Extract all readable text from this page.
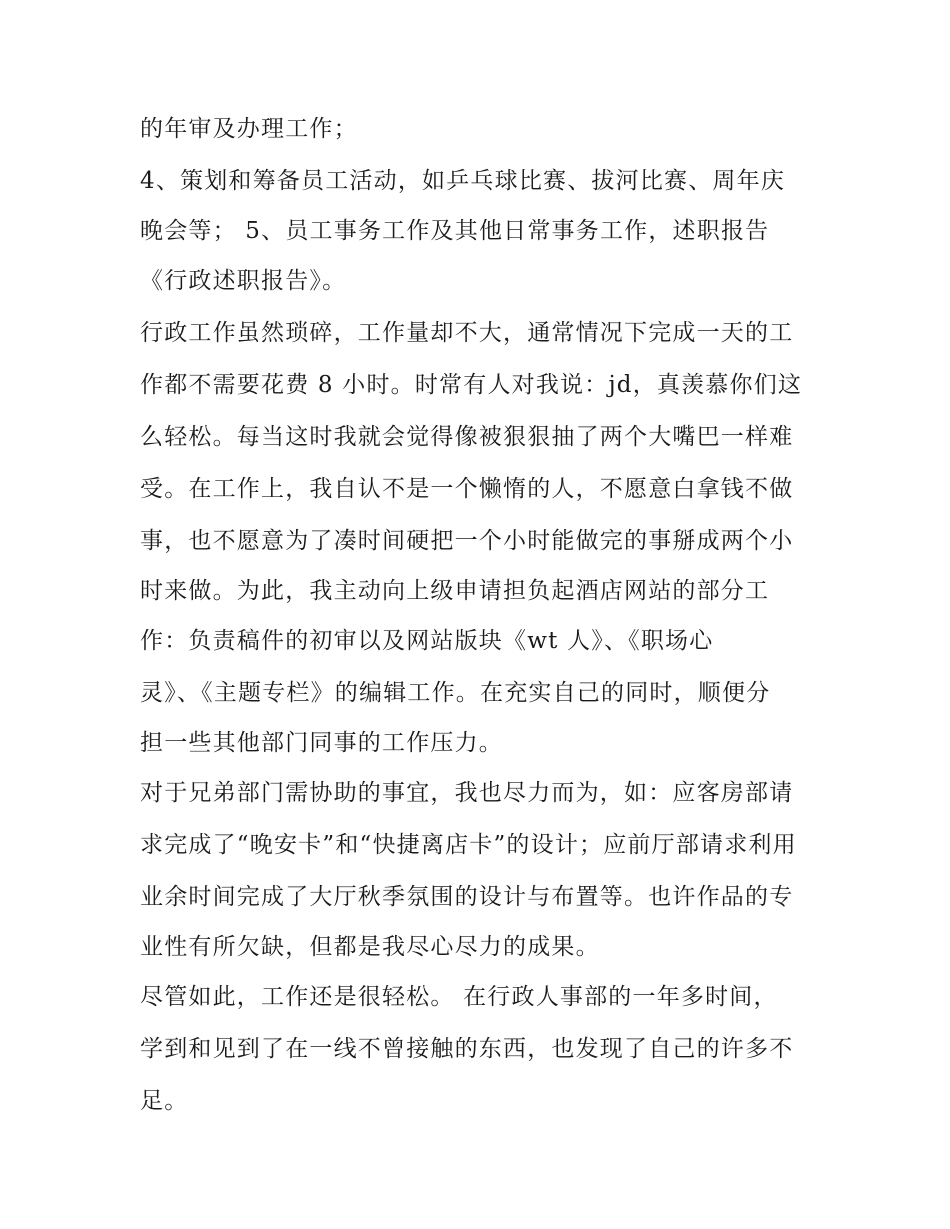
的年审及办理工作；
4、策划和筹备员工活动，如乒乓球比赛、拔河比赛、周年庆
晚会等； 5、员工事务工作及其他日常事务工作，述职报告
《行政述职报告》。
行政工作虽然琐碎，工作量却不大，通常情况下完成一天的工
作都不需要花费 8 小时。时常有人对我说：jd，真羡慕你们这
么轻松。每当这时我就会觉得像被狠狠抽了两个大嘴巴一样难
受。在工作上，我自认不是一个懒惰的人，不愿意白拿钱不做
事，也不愿意为了凑时间硬把一个小时能做完的事掰成两个小
时来做。为此，我主动向上级申请担负起酒店网站的部分工
作：负责稿件的初审以及网站版块《wt 人》、《职场心
灵》、《主题专栏》的编辑工作。在充实自己的同时，顺便分
担一些其他部门同事的工作压力。
对于兄弟部门需协助的事宜，我也尽力而为，如：应客房部请
求完成了“晚安卡”和“快捷离店卡”的设计；应前厅部请求利用
业余时间完成了大厅秋季氛围的设计与布置等。也许作品的专
业性有所欠缺，但都是我尽心尽力的成果。
尽管如此，工作还是很轻松。 在行政人事部的一年多时间，
学到和见到了在一线不曾接触的东西，也发现了自己的许多不
足。
